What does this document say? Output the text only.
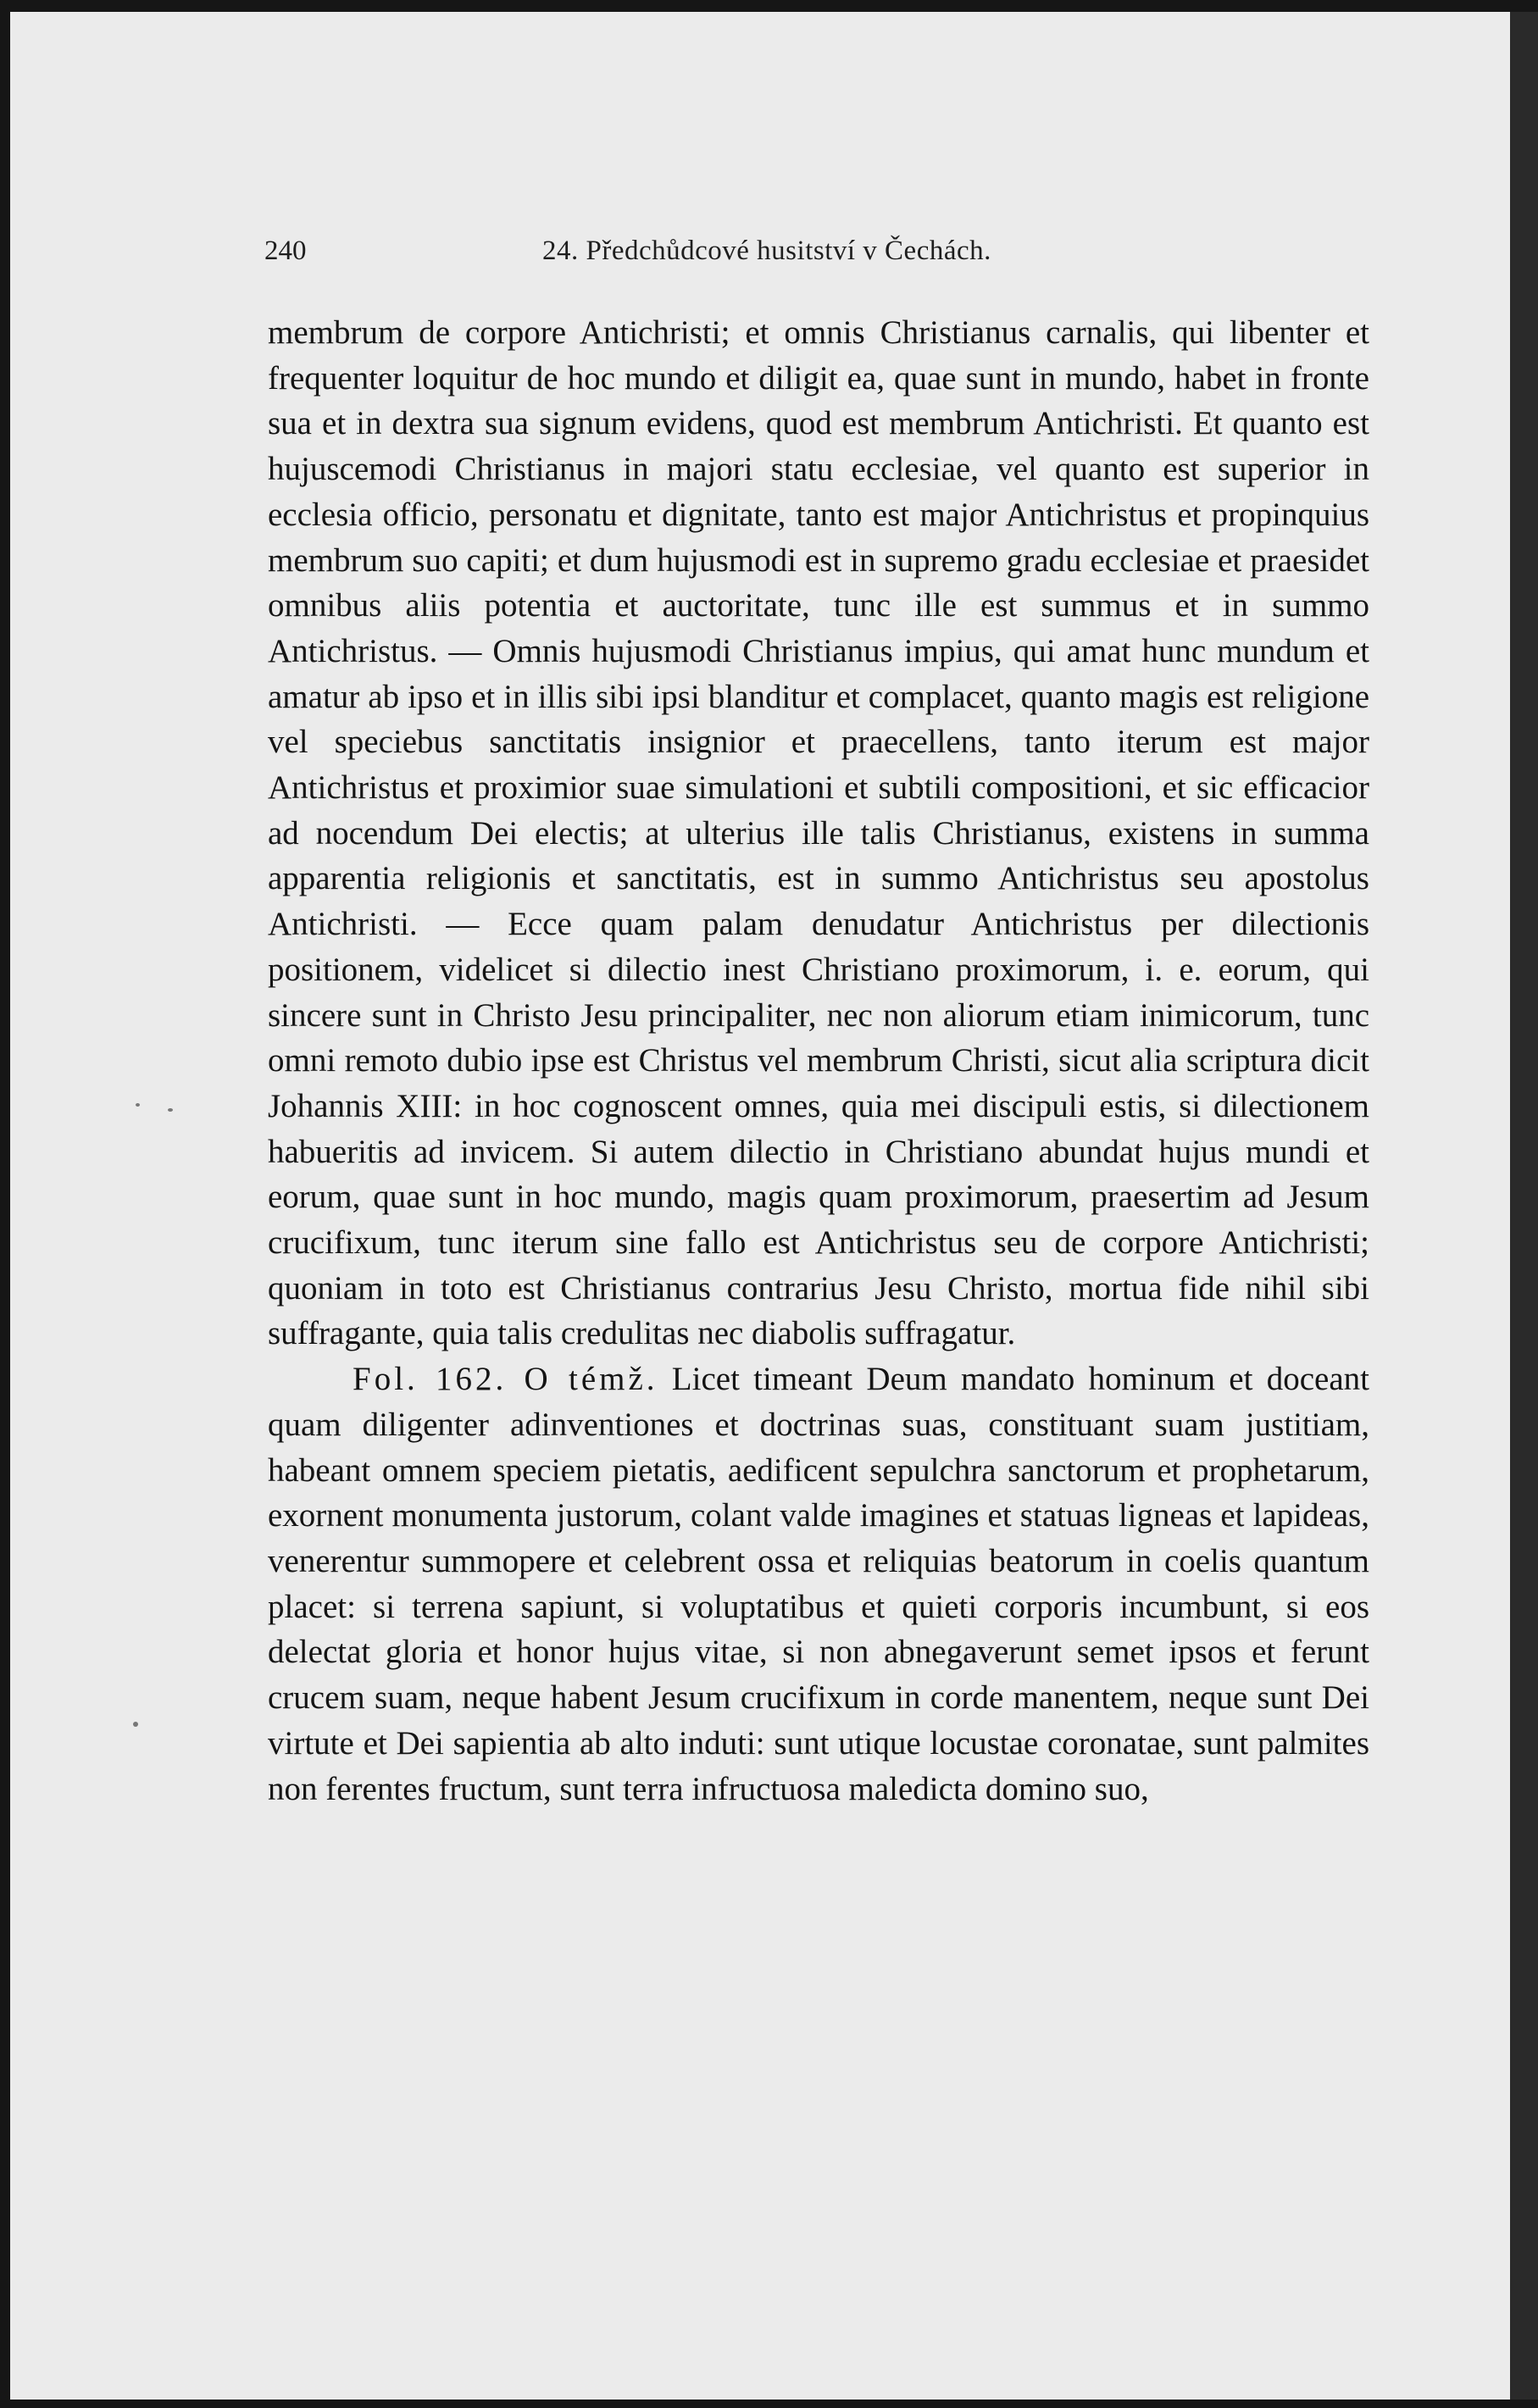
240	24. Předchůdcové husitství v Čechách.

membrum de corpore Antichristi; et omnis Christianus carnalis, qui libenter et frequenter loquitur de hoc mundo et diligit ea, quae sunt in mundo, habet in fronte sua et in dextra sua signum evidens, quod est membrum Antichristi. Et quanto est hujuscemodi Christianus in majori statu ecclesiae, vel quanto est superior in ecclesia officio, personatu et dignitate, tanto est major Antichristus et propinquius membrum suo capiti; et dum hujusmodi est in supremo gradu ecclesiae et praesidet omnibus aliis potentia et auctoritate, tunc ille est summus et in summo Antichristus. — Omnis hujusmodi Christianus impius, qui amat hunc mundum et amatur ab ipso et in illis sibi ipsi blanditur et complacet, quanto magis est religione vel speciebus sanctitatis insignior et praecellens, tanto iterum est major Antichristus et proximior suae simulationi et subtili compositioni, et sic efficacior ad nocendum Dei electis; at ulterius ille talis Christianus, existens in summa apparentia religionis et sanctitatis, est in summo Antichristus seu apostolus Antichristi. — Ecce quam palam denudatur Antichristus per dilectionis positionem, videlicet si dilectio inest Christiano proximorum, i. e. eorum, qui sincere sunt in Christo Jesu principaliter, nec non aliorum etiam inimicorum, tunc omni remoto dubio ipse est Christus vel membrum Christi, sicut alia scriptura dicit Johannis XIII: in hoc cognoscent omnes, quia mei discipuli estis, si dilectionem habueritis ad invicem. Si autem dilectio in Christiano abundat hujus mundi et eorum, quae sunt in hoc mundo, magis quam proximorum, praesertim ad Jesum crucifixum, tunc iterum sine fallo est Antichristus seu de corpore Antichristi; quoniam in toto est Christianus contrarius Jesu Christo, mortua fide nihil sibi suffragante, quia talis credulitas nec diabolis suffragatur.

Fol. 162. O témž. Licet timeant Deum mandato hominum et doceant quam diligenter adinventiones et doctrinas suas, constituant suam justitiam, habeant omnem speciem pietatis, aedificent sepulchra sanctorum et prophetarum, exornent monumenta justorum, colant valde imagines et statuas ligneas et lapideas, venerentur summopere et celebrent ossa et reliquias beatorum in coelis quantum placet: si terrena sapiunt, si voluptatibus et quieti corporis incumbunt, si eos delectat gloria et honor hujus vitae, si non abnegaverunt semet ipsos et ferunt crucem suam, neque habent Jesum crucifixum in corde manentem, neque sunt Dei virtute et Dei sapientia ab alto induti: sunt utique locustae coronatae, sunt palmites non ferentes fructum, sunt terra infructuosa maledicta domino suo,
